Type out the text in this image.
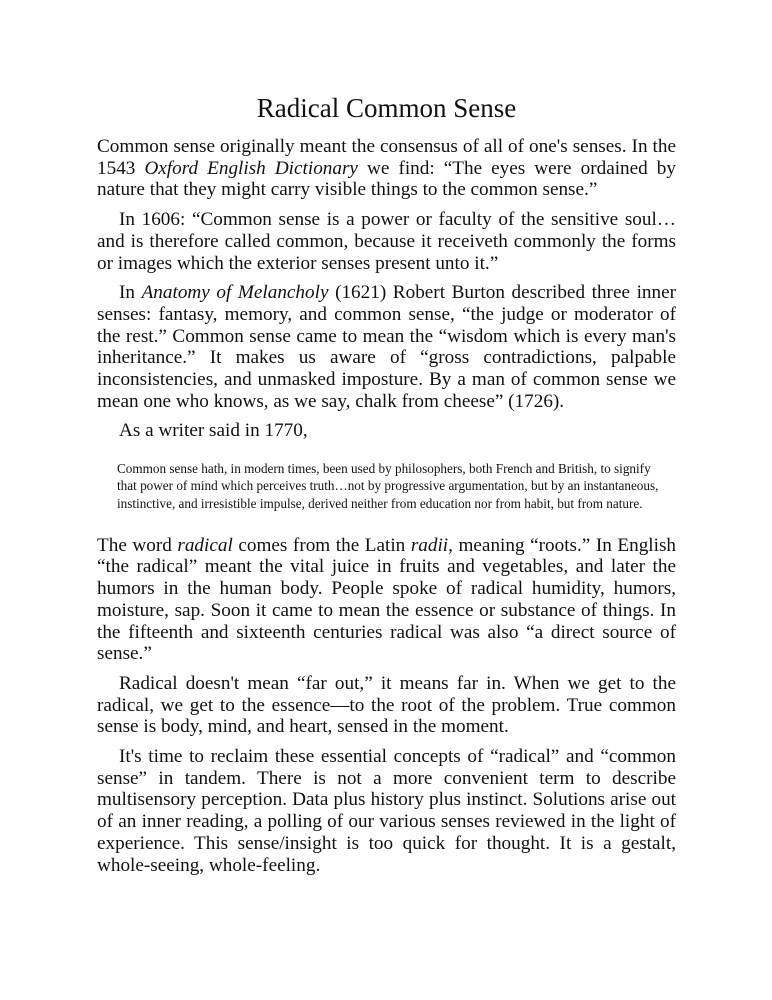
Radical Common Sense

Common sense originally meant the consensus of all of one's senses. In the 1543 Oxford English Dictionary we find: “The eyes were ordained by nature that they might carry visible things to the common sense.”

In 1606: “Common sense is a power or faculty of the sensitive soul…and is therefore called common, because it receiveth commonly the forms or images which the exterior senses present unto it.”

In Anatomy of Melancholy (1621) Robert Burton described three inner senses: fantasy, memory, and common sense, “the judge or moderator of the rest.” Common sense came to mean the “wisdom which is every man's inheritance.” It makes us aware of “gross contradictions, palpable inconsistencies, and unmasked imposture. By a man of common sense we mean one who knows, as we say, chalk from cheese” (1726).

As a writer said in 1770,

Common sense hath, in modern times, been used by philosophers, both French and British, to signify that power of mind which perceives truth…not by progressive argumentation, but by an instantaneous, instinctive, and irresistible impulse, derived neither from education nor from habit, but from nature.

The word radical comes from the Latin radii, meaning “roots.” In English “the radical” meant the vital juice in fruits and vegetables, and later the humors in the human body. People spoke of radical humidity, humors, moisture, sap. Soon it came to mean the essence or substance of things. In the fifteenth and sixteenth centuries radical was also “a direct source of sense.”

Radical doesn't mean “far out,” it means far in. When we get to the radical, we get to the essence—to the root of the problem. True common sense is body, mind, and heart, sensed in the moment.

It's time to reclaim these essential concepts of “radical” and “common sense” in tandem. There is not a more convenient term to describe multisensory perception. Data plus history plus instinct. Solutions arise out of an inner reading, a polling of our various senses reviewed in the light of experience. This sense/insight is too quick for thought. It is a gestalt, whole-seeing, whole-feeling.
